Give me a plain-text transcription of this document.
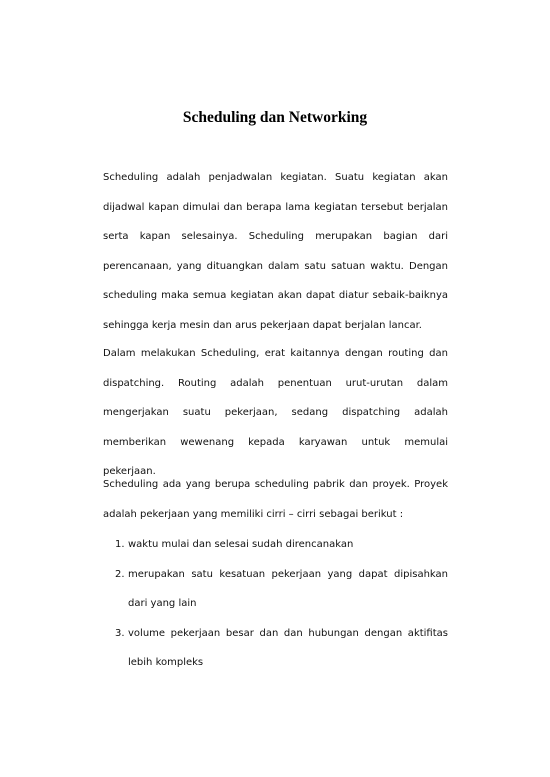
Scheduling dan Networking

Scheduling adalah penjadwalan kegiatan. Suatu kegiatan akan dijadwal kapan dimulai dan berapa lama kegiatan tersebut berjalan serta kapan selesainya. Scheduling merupakan bagian dari perencanaan, yang dituangkan dalam satu satuan waktu. Dengan scheduling maka semua kegiatan akan dapat diatur sebaik-baiknya sehingga kerja mesin dan arus pekerjaan dapat berjalan lancar.

Dalam melakukan Scheduling, erat kaitannya dengan routing dan dispatching. Routing adalah penentuan urut-urutan dalam mengerjakan suatu pekerjaan, sedang dispatching adalah memberikan wewenang kepada karyawan untuk memulai pekerjaan.

Scheduling ada yang berupa scheduling pabrik dan proyek. Proyek adalah pekerjaan yang memiliki cirri – cirri sebagai berikut :

1. waktu mulai dan selesai sudah direncanakan
2. merupakan satu kesatuan pekerjaan yang dapat dipisahkan dari yang lain
3. volume pekerjaan besar dan dan hubungan dengan aktifitas lebih kompleks
